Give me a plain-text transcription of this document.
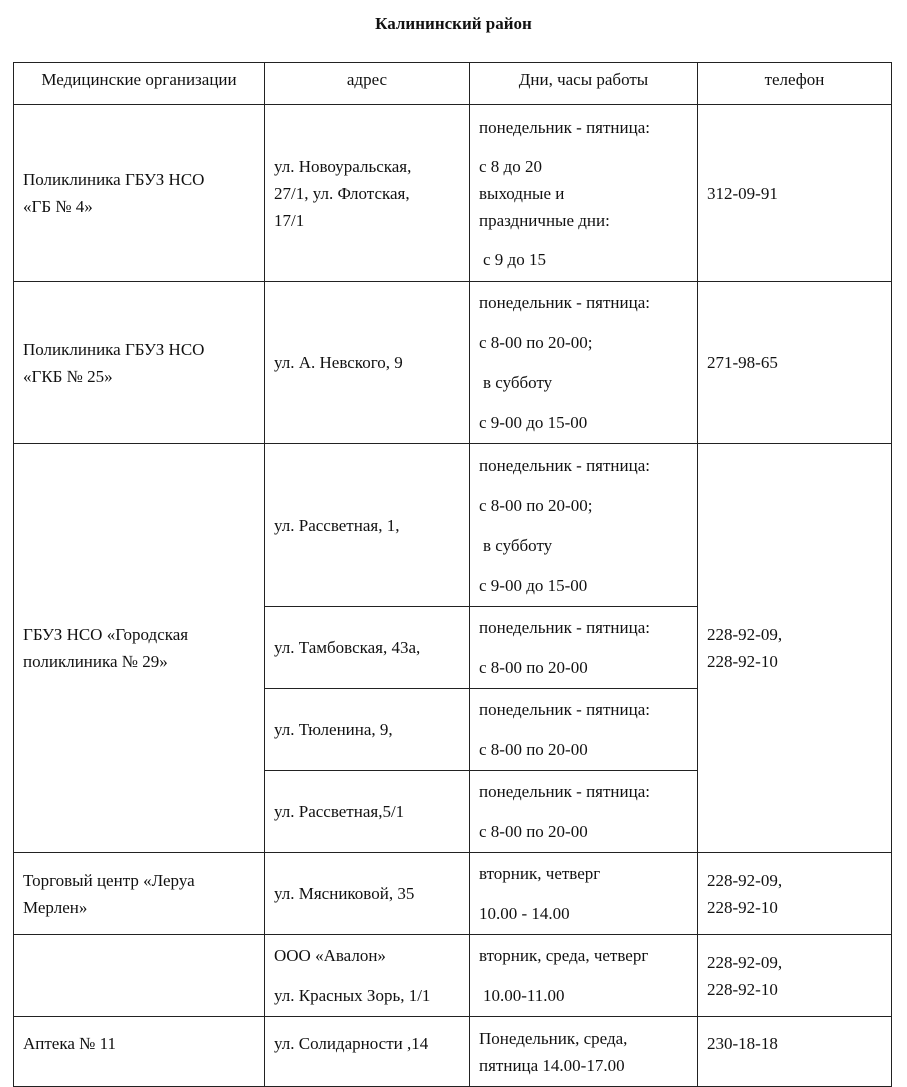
Калининский район
Медицинские организации	адрес	Дни, часы работы	телефон

Поликлиника ГБУЗ НСО
«ГБ № 4»	ул. Новоуральская,
27/1, ул. Флотская,
17/1	понедельник - пятница:
с 8 до 20
выходные и
праздничные дни:
с 9 до 15	312-09-91

Поликлиника ГБУЗ НСО
«ГКБ № 25»	ул. А. Невского, 9	понедельник - пятница:
с 8-00 по 20-00;
в субботу
с 9-00 до 15-00	271-98-65

ГБУЗ НСО «Городская
поликлиника № 29»	ул. Рассветная, 1,	понедельник - пятница:
с 8-00 по 20-00;
в субботу
с 9-00 до 15-00	228-92-09,
228-92-10

	ул. Тамбовская, 43а,	понедельник - пятница:
с 8-00 по 20-00	

	ул. Тюленина, 9,	понедельник - пятница:
с 8-00 по 20-00	

	ул. Рассветная,5/1	понедельник - пятница:
с 8-00 по 20-00	

Торговый центр «Леруа
Мерлен»	ул. Мясниковой, 35	вторник, четверг
10.00 - 14.00	228-92-09,
228-92-10

	ООО «Авалон»
ул. Красных Зорь, 1/1	вторник, среда, четверг
10.00-11.00	228-92-09,
228-92-10

Аптека № 11	ул. Солидарности ,14	Понедельник, среда,
пятница 14.00-17.00	230-18-18
